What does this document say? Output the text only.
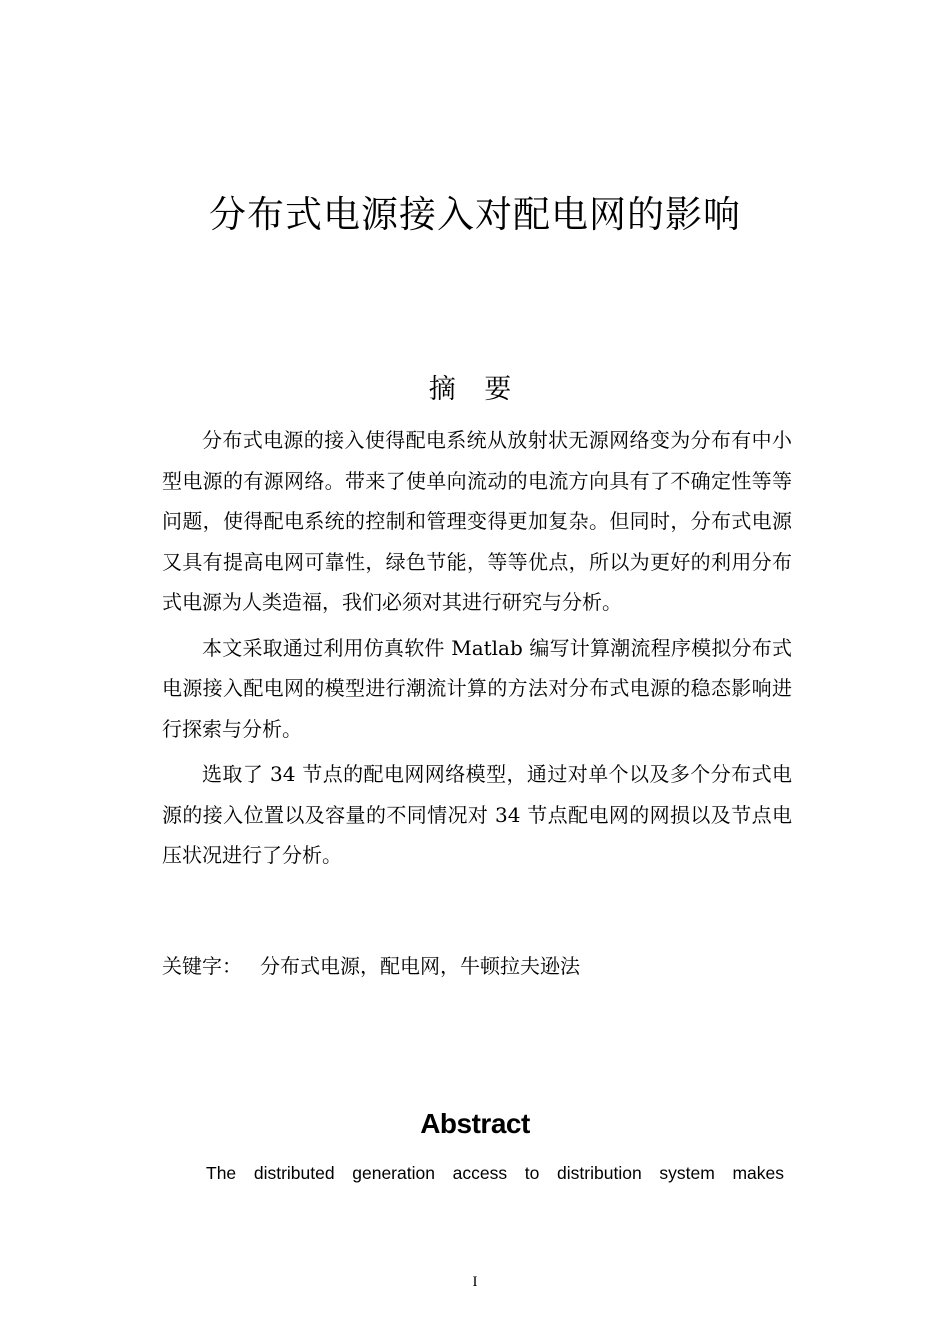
分布式电源接入对配电网的影响
摘 要

分布式电源的接入使得配电系统从放射状无源网络变为分布有中小型电源的有源网络。带来了使单向流动的电流方向具有了不确定性等等问题，使得配电系统的控制和管理变得更加复杂。但同时，分布式电源又具有提高电网可靠性，绿色节能，等等优点，所以为更好的利用分布式电源为人类造福，我们必须对其进行研究与分析。

本文采取通过利用仿真软件 Matlab 编写计算潮流程序模拟分布式电源接入配电网的模型进行潮流计算的方法对分布式电源的稳态影响进行探索与分析。

选取了 34 节点的配电网网络模型，通过对单个以及多个分布式电源的接入位置以及容量的不同情况对 34 节点配电网的网损以及节点电压状况进行了分析。

关键字： 分布式电源，配电网，牛顿拉夫逊法
Abstract
The distributed generation access to distribution system makes
I
